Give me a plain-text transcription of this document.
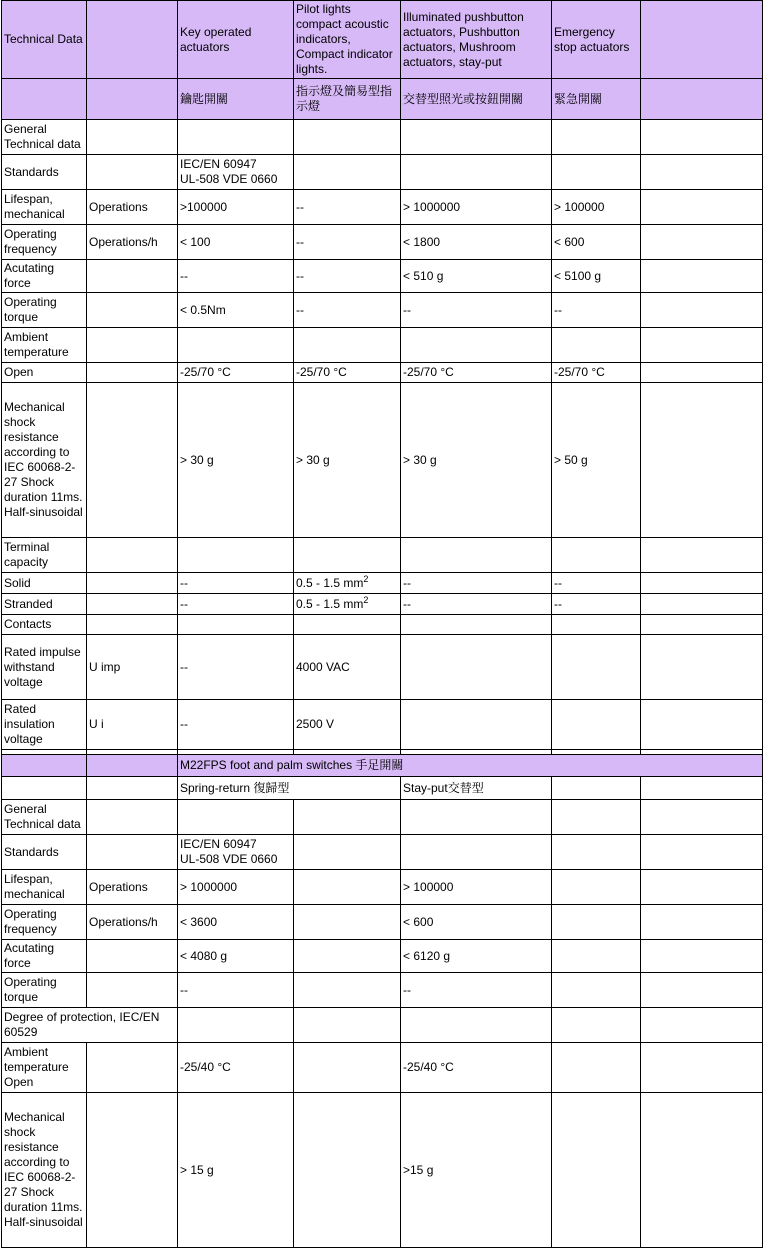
Technical Data		Key operated actuators	Pilot lights compact acoustic indicators, Compact indicator lights.	Illuminated pushbutton actuators, Pushbutton actuators, Mushroom actuators, stay-put	Emergency stop actuators	
		鑰匙開關	指示燈及簡易型指示燈	交替型照光或按鈕開關	緊急開關	
General Technical data						
Standards		IEC/EN 60947
UL-508 VDE 0660				
Lifespan, mechanical	Operations	>100000	--	> 1000000	> 100000	
Operating frequency	Operations/h	< 100	--	< 1800	< 600	
Acutating force		--	--	< 510 g	< 5100 g	
Operating torque		< 0.5Nm	--	--	--	
Ambient temperature						
Open		-25/70 °C	-25/70 °C	-25/70 °C	-25/70 °C	
Mechanical shock resistance according to IEC 60068-2-27 Shock duration 11ms. Half-sinusoidal		> 30 g	> 30 g	> 30 g	> 50 g	
Terminal capacity						
Solid		--	0.5 - 1.5 $mm^2$	--	--	
Stranded		--	0.5 - 1.5 $mm^2$	--	--	
Contacts						
Rated impulse withstand voltage	U imp	--	4000 VAC			
Rated insulation voltage	U i	--	2500 V			

		M22FPS foot and palm switches 手足開關				
		Spring-return 復歸型		Stay-put交替型		
General Technical data						
Standards		IEC/EN 60947
UL-508 VDE 0660				
Lifespan, mechanical	Operations	> 1000000		> 100000		
Operating frequency	Operations/h	< 3600		< 600		
Acutating force		< 4080 g		< 6120 g		
Operating torque		--		--		
Degree of protection, IEC/EN 60529						
Ambient temperature Open		-25/40 °C		-25/40 °C		
Mechanical shock resistance according to IEC 60068-2-27 Shock duration 11ms. Half-sinusoidal		> 15 g		>15 g		
